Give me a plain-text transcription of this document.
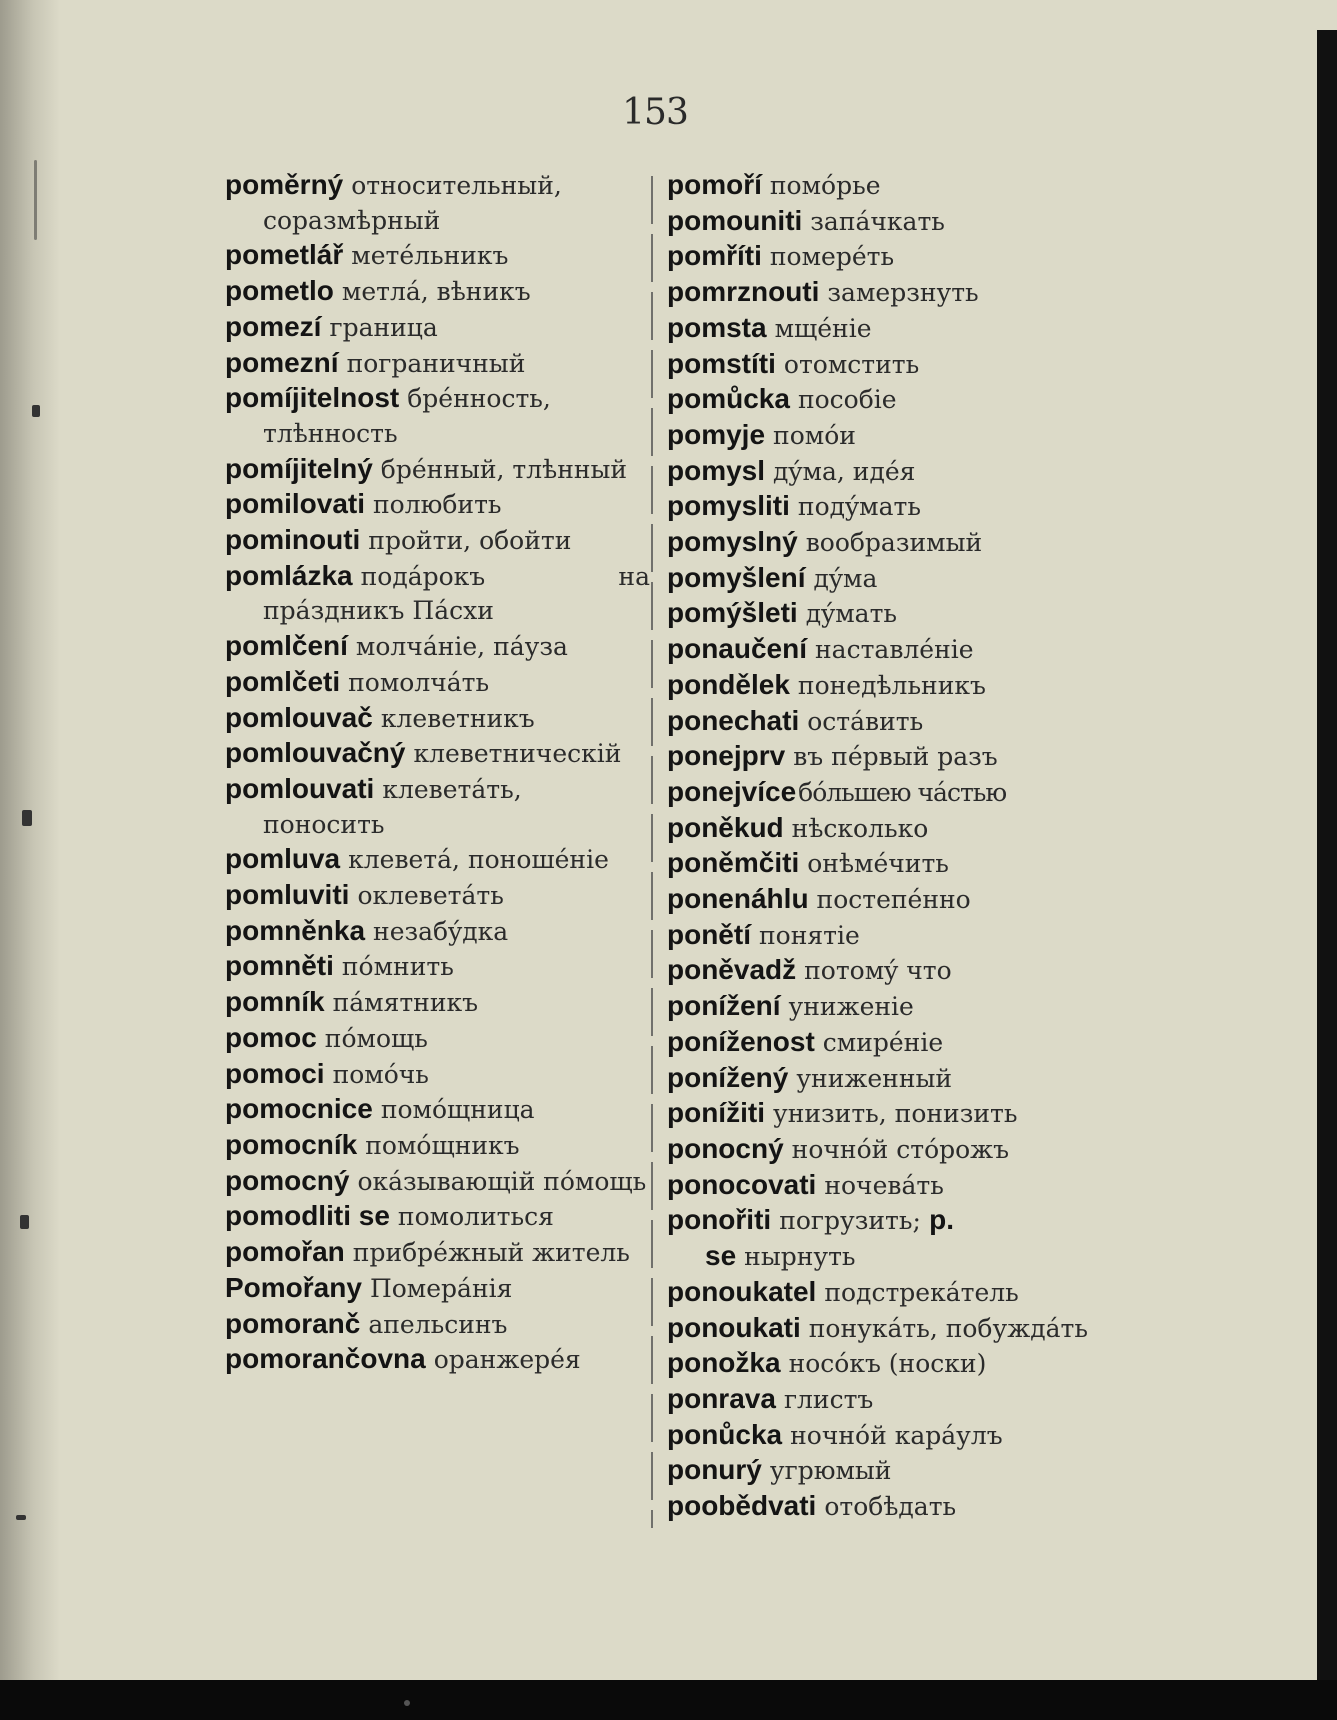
153
poměrný относительный, соразмѣрный
pometlář метéльникъ
pometlo метлá, вѣникъ
pomezí границa
pomezní пограничный
pomíjitelnost брéнность, тлѣнность
pomíjitelný брéнный, тлѣнный
pomilovati полюбить
pominouti пройти, обойти
pomlázka подáрокъ на прáздникъ Пáсхи
pomlčení молчáніе, пáуза
pomlčeti помолчáть
pomlouvač клеветникъ
pomlouvačný клеветническій
pomlouvati клеветáть, поносить
pomluva клеветá, поношéніе
pomluviti оклеветáть
pomněnka незабýдка
pomněti пóмнить
pomník пáмятникъ
pomoc пóмощь
pomoci помóчь
pomocnice помóщница
pomocník помóщникъ
pomocný окáзывающій пóмощь
pomodliti se помолиться
pomořan прибрéжный житель
Pomořany Померáнія
pomoranč апельсинъ
pomorančovna оранжерéя
pomoří помóрье
pomouniti запáчкать
pomříti померéть
pomrznouti замерзнуть
pomsta мщéніе
pomstíti отомстить
pomůcka пособіе
pomyje помóи
pomysl дýма, идéя
pomysliti подýмать
pomyslný вообразимый
pomyšlení дýма
pomýšleti дýмать
ponaučení наставлéніе
pondělek понедѣльникъ
ponechati остáвить
ponejprv въ пéрвый разъ
ponejvíceбóльшею чáстью
poněkud нѣсколько
poněmčiti онѣмéчить
ponenáhlu постепéнно
ponětí понятіе
poněvadž потомý что
ponížení униженіе
poníženost смирéніе
ponížený униженный
ponížiti унизить, понизить
ponocný ночнóй стóрожъ
ponocovati ночевáть
ponořiti погрузить; p. se нырнуть
ponoukatel подстрекáтель
ponoukati понукáть, побуждáть
ponožka носóкъ (носки)
ponrava глистъ
ponůcka ночнóй карáулъ
ponurý угрюмый
poobědvati отобѣдать
